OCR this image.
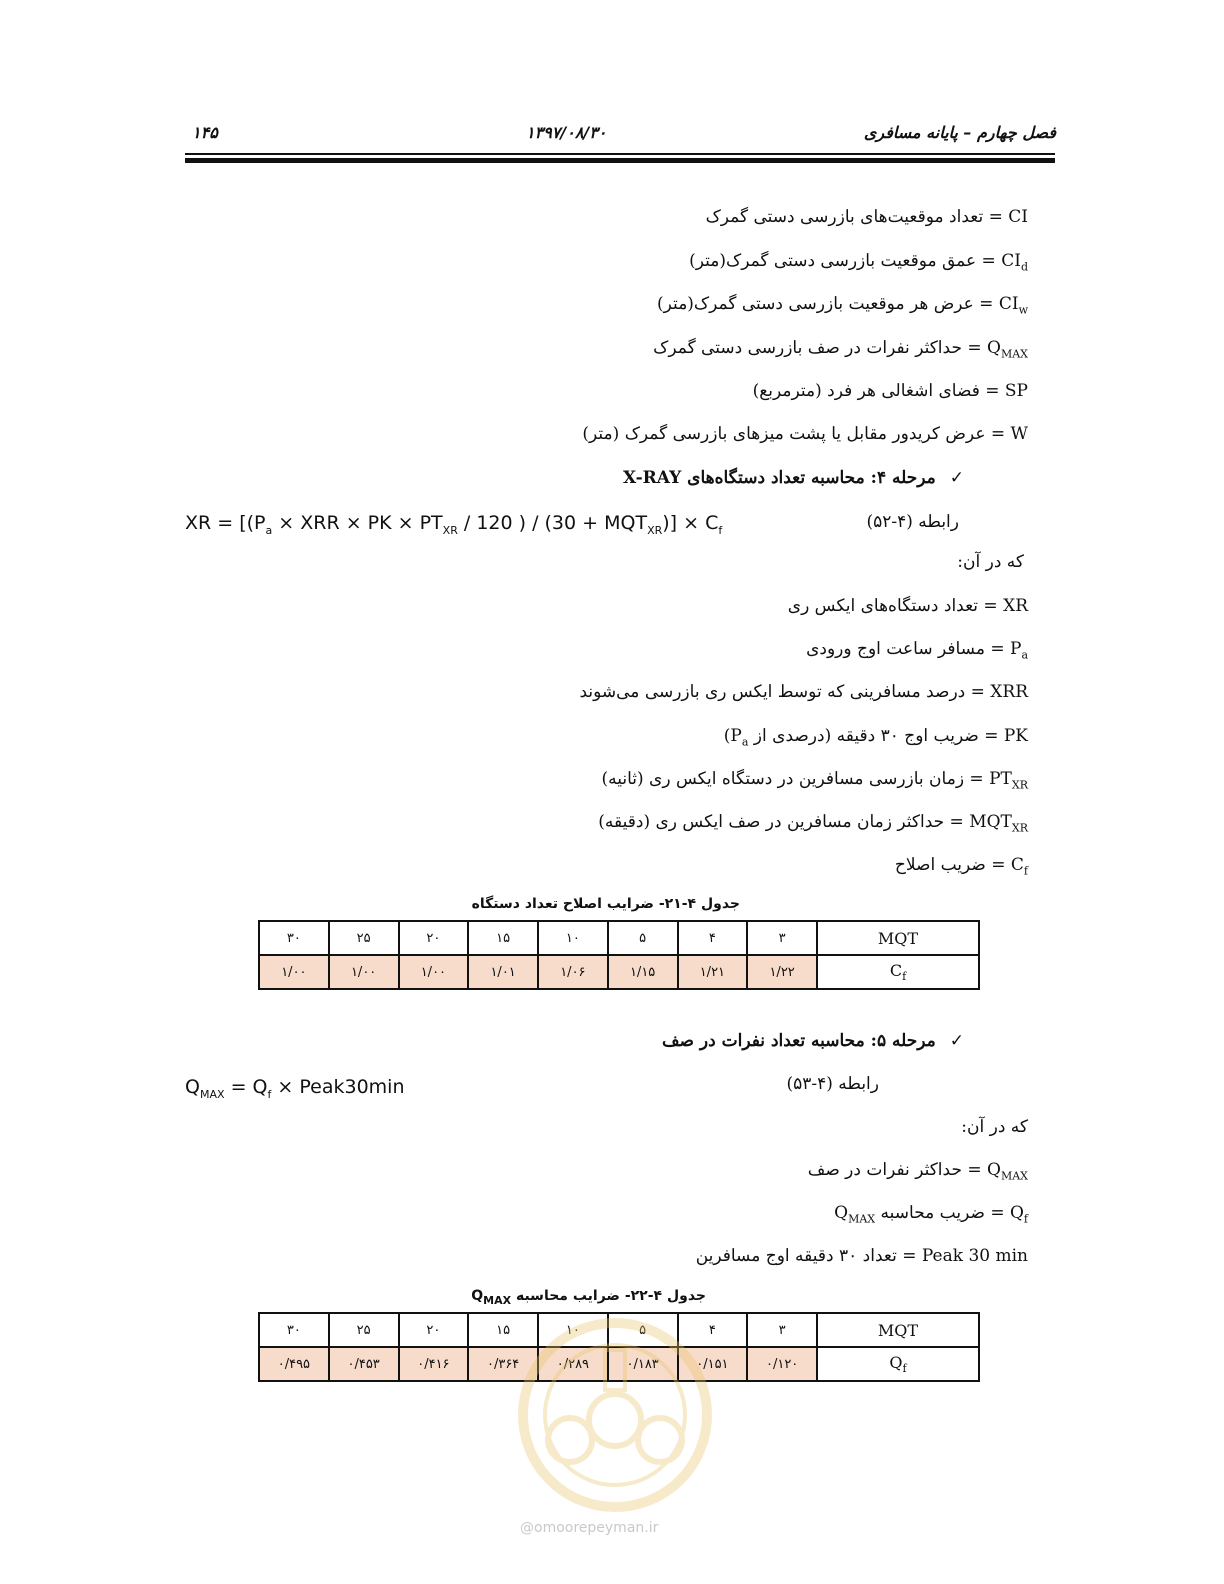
فصل چهارم – پایانه مسافری
۱۳۹۷/۰۸/۳۰
۱۴۵
CI = تعداد موقعیت‌های بازرسی دستی گمرک
$CI_d$ = عمق موقعیت بازرسی دستی گمرک(متر)
$CI_w$ = عرض هر موقعیت بازرسی دستی گمرک(متر)
$Q_{MAX}$ = حداکثر نفرات در صف بازرسی دستی گمرک
SP = فضای اشغالی هر فرد (مترمربع)
W = عرض کریدور مقابل یا پشت میزهای بازرسی گمرک (متر)
✓مرحله ۴: محاسبه تعداد دستگاه‌های X-RAY
XR = [($P_a$ × XRR × PK × $PT_{XR} / 120$ ) / $(30 + MQT_{XR})] \times C_f$	رابطه (۴-۵۲)
که در آن:
XR = تعداد دستگاه‌های ایکس ری
$P_a$ = مسافر ساعت اوج ورودی
XRR = درصد مسافرینی که توسط ایکس ری بازرسی می‌شوند
PK = ضریب اوج ۳۰ دقیقه (درصدی از $P_a$)
$PT_{XR}$ = زمان بازرسی مسافرین در دستگاه ایکس ری (ثانیه)
$MQT_{XR}$ = حداکثر زمان مسافرین در صف ایکس ری (دقیقه)
$C_f$ = ضریب اصلاح
جدول ۴-۲۱- ضرایب اصلاح تعداد دستگاه
MQT	۳	۴	۵	۱۰	۱۵	۲۰	۲۵	۳۰
$C_f$	۱/۲۲	۱/۲۱	۱/۱۵	۱/۰۶	۱/۰۱	۱/۰۰	۱/۰۰	۱/۰۰
✓مرحله ۵: محاسبه تعداد نفرات در صف
$Q_{MAX} = Q_f$ × Peak30min	رابطه (۴-۵۳)
که در آن:
$Q_{MAX}$ = حداکثر نفرات در صف
$Q_f$ = ضریب محاسبه $Q_{MAX}$
Peak 30 min = تعداد ۳۰ دقیقه اوج مسافرین
جدول ۴-۲۲- ضرایب محاسبه $Q_{MAX}$
MQT	۳	۴	۵	۱۰	۱۵	۲۰	۲۵	۳۰
$Q_f$	۰/۱۲۰	۰/۱۵۱	۰/۱۸۳	۰/۲۸۹	۰/۳۶۴	۰/۴۱۶	۰/۴۵۳	۰/۴۹۵
@omoorepeyman.ir
